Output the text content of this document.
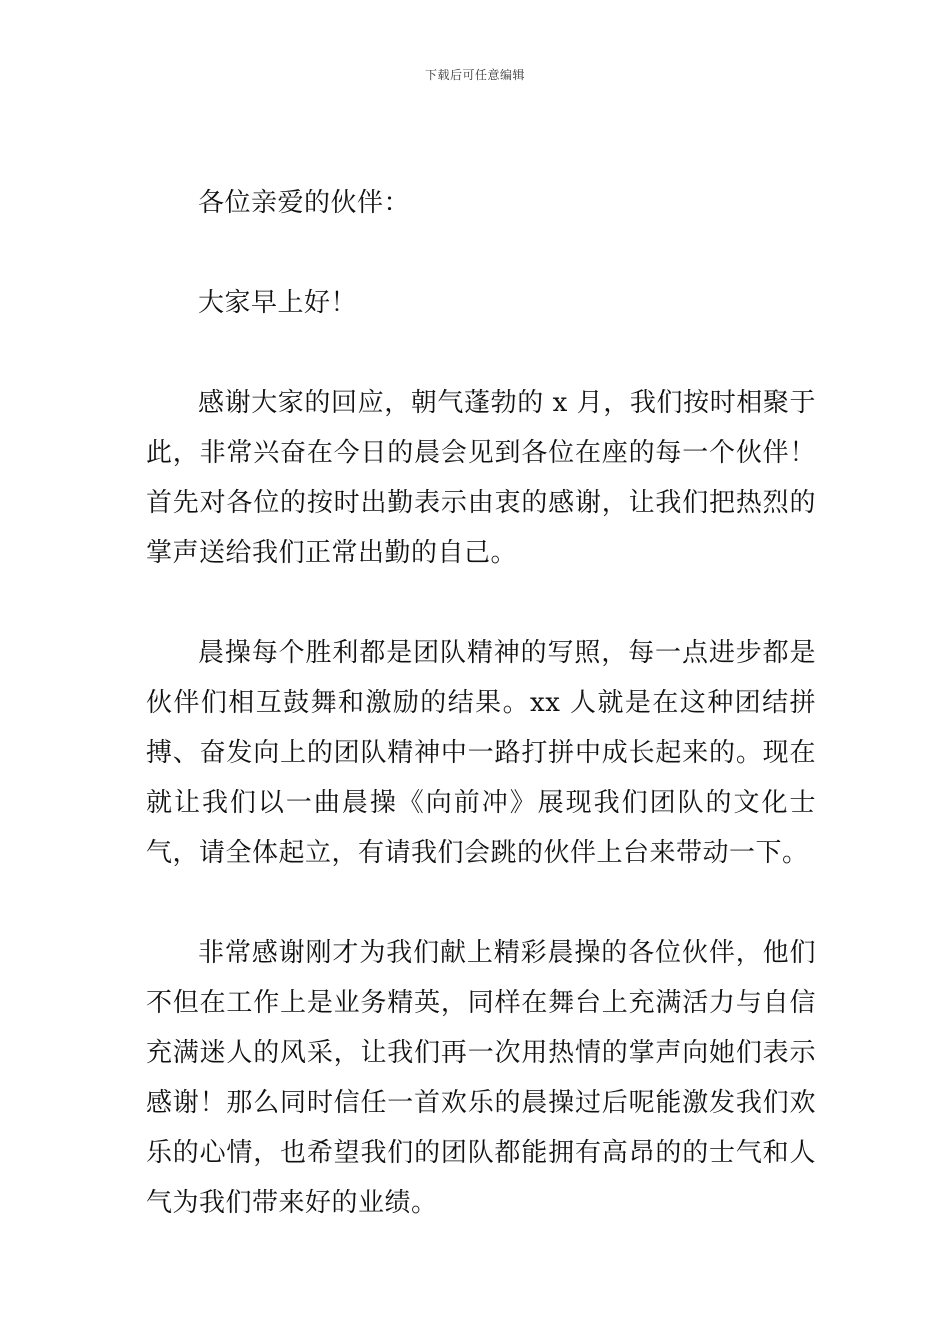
下载后可任意编辑

各位亲爱的伙伴：

大家早上好！

感谢大家的回应，朝气蓬勃的 x 月，我们按时相聚于此，非常兴奋在今日的晨会见到各位在座的每一个伙伴！首先对各位的按时出勤表示由衷的感谢，让我们把热烈的掌声送给我们正常出勤的自己。

晨操每个胜利都是团队精神的写照，每一点进步都是伙伴们相互鼓舞和激励的结果。xx 人就是在这种团结拼搏、奋发向上的团队精神中一路打拼中成长起来的。现在就让我们以一曲晨操《向前冲》展现我们团队的文化士气，请全体起立，有请我们会跳的伙伴上台来带动一下。

非常感谢刚才为我们献上精彩晨操的各位伙伴，他们不但在工作上是业务精英，同样在舞台上充满活力与自信充满迷人的风采，让我们再一次用热情的掌声向她们表示感谢！那么同时信任一首欢乐的晨操过后呢能激发我们欢乐的心情，也希望我们的团队都能拥有高昂的的士气和人气为我们带来好的业绩。
